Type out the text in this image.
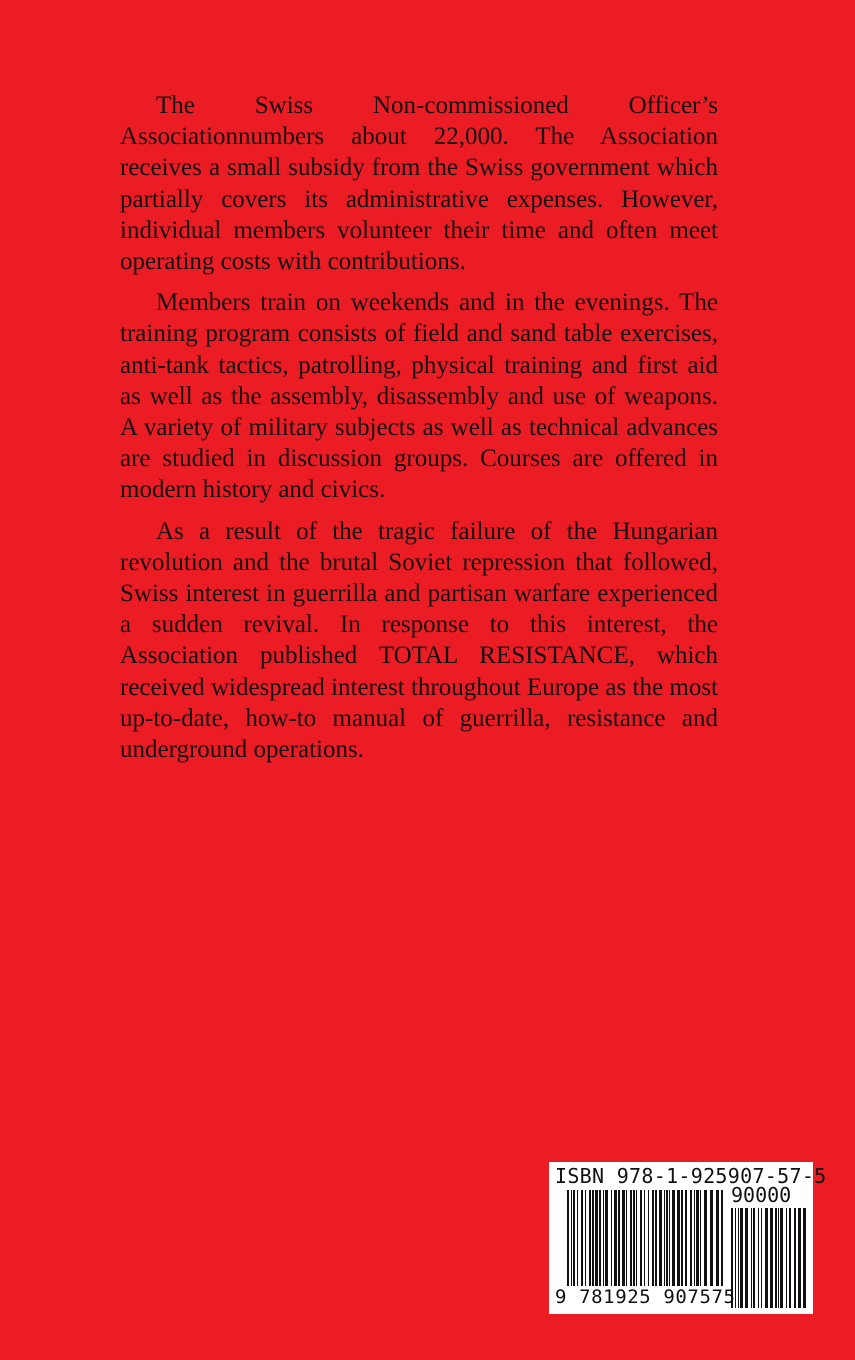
The Swiss Non-commissioned Officer’s Associationnumbers about 22,000. The Association receives a small subsidy from the Swiss government which partially covers its administrative expenses. However, individual members volunteer their time and often meet operating costs with contributions.

Members train on weekends and in the evenings. The training program consists of field and sand table exercises, anti-tank tactics, patrolling, physical training and first aid as well as the assembly, disassembly and use of weapons. A variety of military subjects as well as technical advances are studied in discussion groups. Courses are offered in modern history and civics.

As a result of the tragic failure of the Hungarian revolution and the brutal Soviet repression that followed, Swiss interest in guerrilla and partisan warfare experienced a sudden revival. In response to this interest, the Association published TOTAL RESISTANCE, which received widespread interest throughout Europe as the most up-to-date, how-to manual of guerrilla, resistance and underground operations.

ISBN 978-1-925907-57-5
90000
9 781925 907575
